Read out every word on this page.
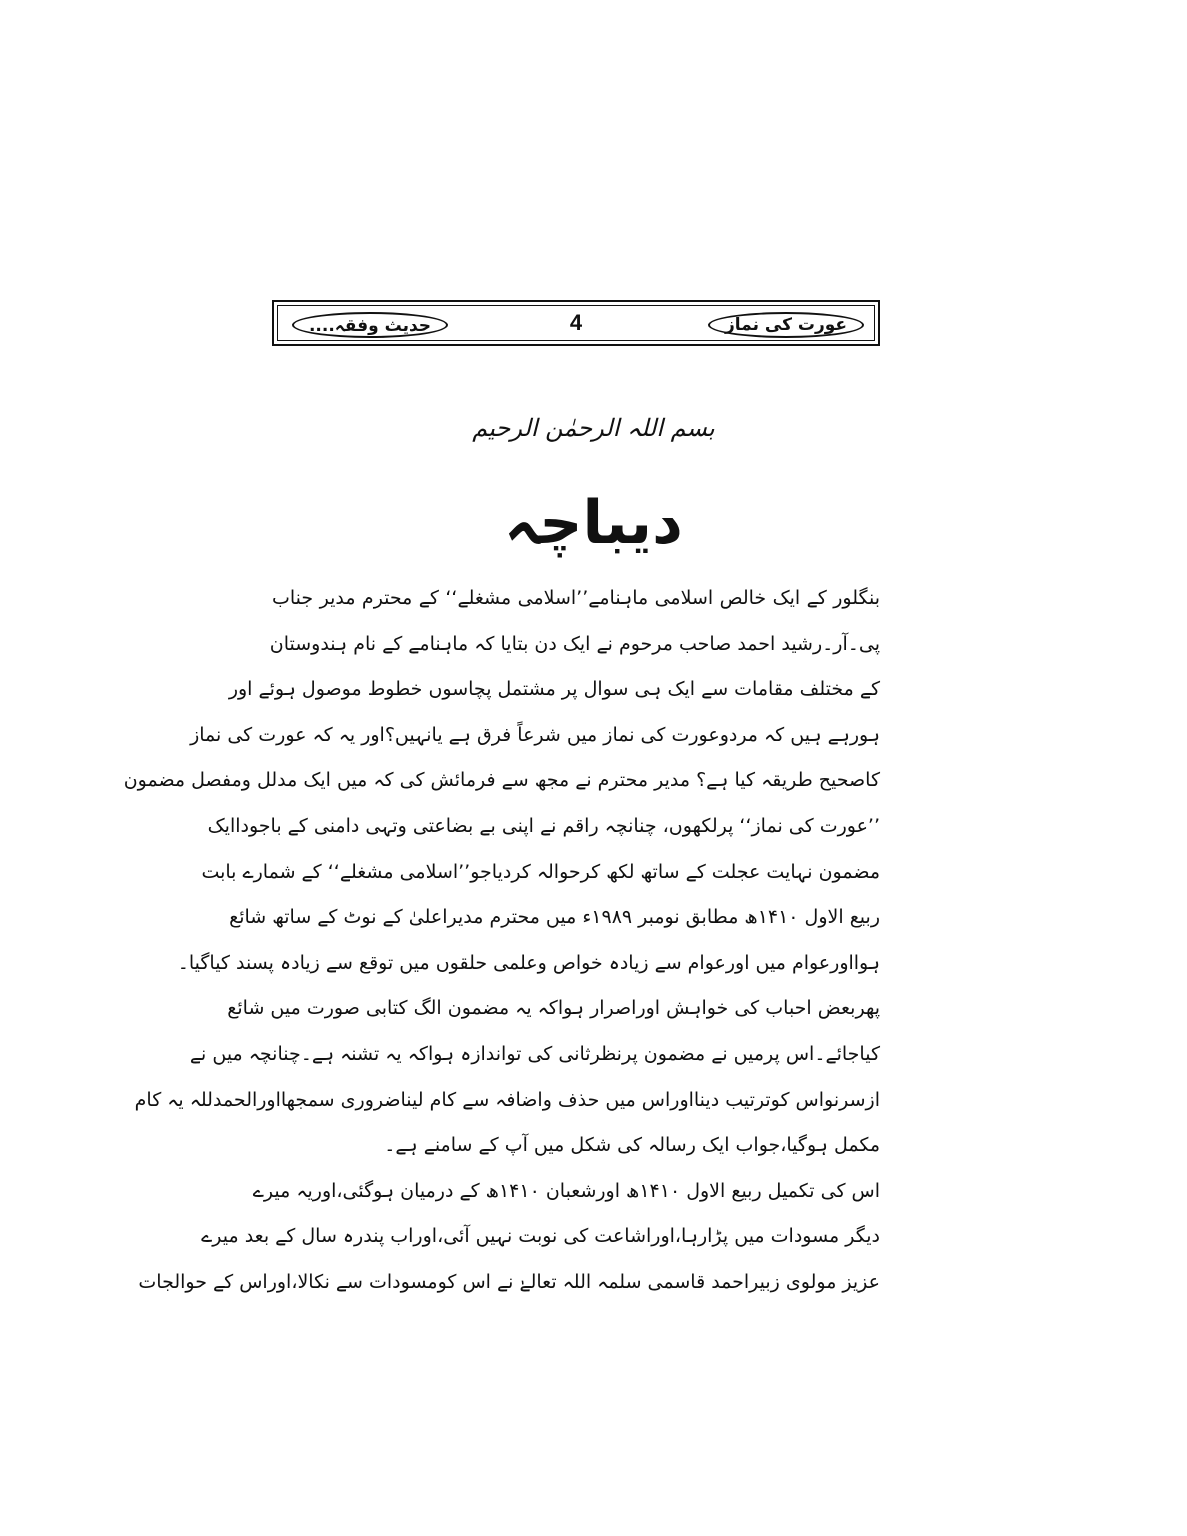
عورت کی نماز
4
حدیث وفقہ....
بسم اللہ الرحمٰن الرحیم
دیباچہ
بنگلور کے ایک خالص اسلامی ماہنامے’’اسلامی مشغلے‘‘ کے محترم مدیر جناب
پی۔آر۔رشید احمد صاحب مرحوم نے ایک دن بتایا کہ ماہنامے کے نام ہندوستان
کے مختلف مقامات سے ایک ہی سوال پر مشتمل پچاسوں خطوط موصول ہوئے اور
ہورہے ہیں کہ مردوعورت کی نماز میں شرعاً فرق ہے یانہیں؟اور یہ کہ عورت کی نماز
کاصحیح طریقہ کیا ہے؟ مدیر محترم نے مجھ سے فرمائش کی کہ میں ایک مدلل ومفصل مضمون
’’عورت کی نماز‘‘ پرلکھوں، چنانچہ راقم نے اپنی بے بضاعتی وتہی دامنی کے باجوداایک
مضمون نہایت عجلت کے ساتھ لکھ کرحوالہ کردیاجو’’اسلامی مشغلے‘‘ کے شمارے بابت
ربیع الاول ۱۴۱۰ھ مطابق نومبر ۱۹۸۹ء میں محترم مدیراعلیٰ کے نوٹ کے ساتھ شائع
ہوااورعوام میں اورعوام سے زیادہ خواص وعلمی حلقوں میں توقع سے زیادہ پسند کیاگیا۔
پھربعض احباب کی خواہش اوراصرار ہواکہ یہ مضمون الگ کتابی صورت میں شائع
کیاجائے۔اس پرمیں نے مضمون پرنظرثانی کی تواندازہ ہواکہ یہ تشنہ ہے۔چنانچہ میں نے
ازسرنواس کوترتیب دینااوراس میں حذف واضافہ سے کام لیناضروری سمجھااورالحمدللہ یہ کام
مکمل ہوگیا،جواب ایک رسالہ کی شکل میں آپ کے سامنے ہے۔
اس کی تکمیل ربیع الاول ۱۴۱۰ھ اورشعبان ۱۴۱۰ھ کے درمیان ہوگئی،اوریہ میرے
دیگر مسودات میں پڑارہا،اوراشاعت کی نوبت نہیں آئی،اوراب پندرہ سال کے بعد میرے
عزیز مولوی زبیراحمد قاسمی سلمہ اللہ تعالےٰ نے اس کومسودات سے نکالا،اوراس کے حوالجات
